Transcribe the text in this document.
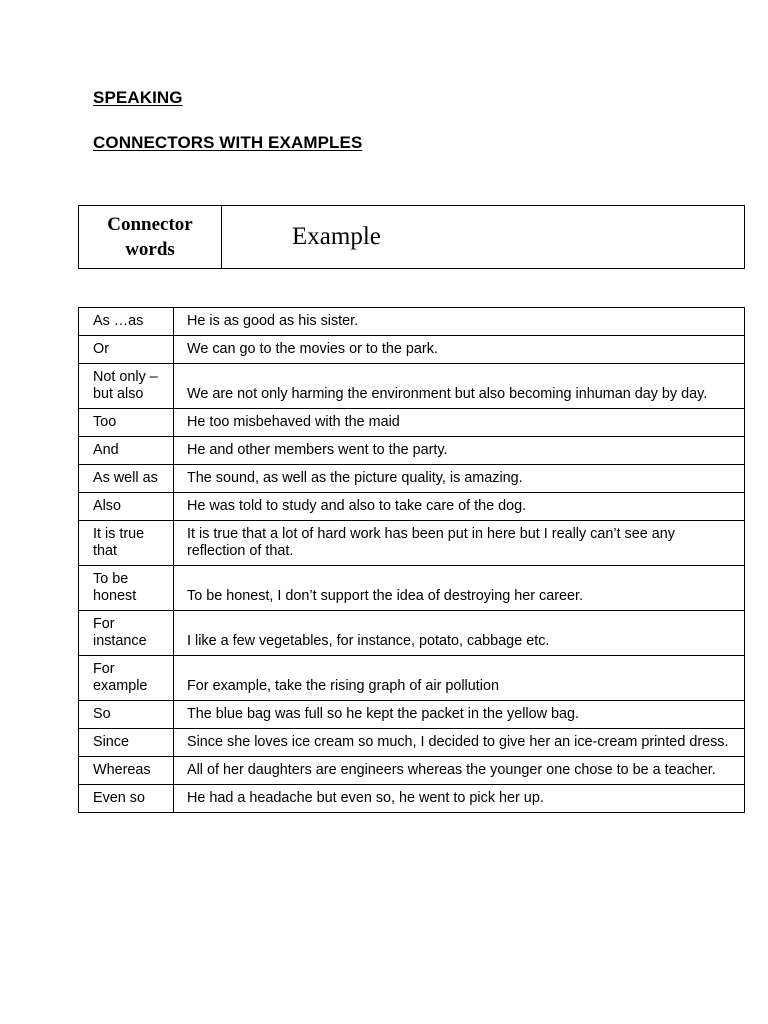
SPEAKING
CONNECTORS WITH EXAMPLES
Connector
words	Example
As …as	He is as good as his sister.
Or	We can go to the movies or to the park.
Not only – but also	We are not only harming the environment but also becoming inhuman day by day.
Too	He too misbehaved with the maid
And	He and other members went to the party.
As well as	The sound, as well as the picture quality, is amazing.
Also	He was told to study and also to take care of the dog.
It is true that	It is true that a lot of hard work has been put in here but I really can’t see any reflection of that.
To be honest	To be honest, I don’t support the idea of destroying her career.
For instance	I like a few vegetables, for instance, potato, cabbage etc.
For example	For example, take the rising graph of air pollution
So	The blue bag was full so he kept the packet in the yellow bag.
Since	Since she loves ice cream so much, I decided to give her an ice-cream printed dress.
Whereas	All of her daughters are engineers whereas the younger one chose to be a teacher.
Even so	He had a headache but even so, he went to pick her up.
